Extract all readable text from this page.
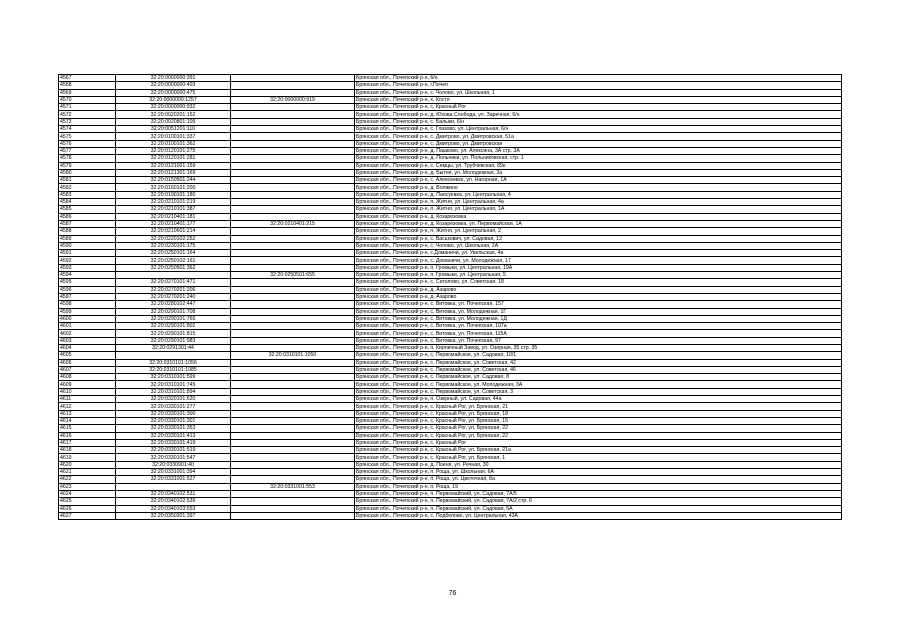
4567	32:20:0000000:391		Брянская обл., Почепский р-н, 6/н
4568	32:20:0000000:403		Брянская обл., Почепский р-н, г.Почеп
4569	32:20:0000000:475		Брянская обл., Почепский р-н, с. Чолово, ул. Школьная, 1
4570	32:20:0000000:1257	32:20:0000000:919	Брянская обл., Почепский р-н, х. Костя
4571	32:20:0000000:932		Брянская обл., Почепский р-н, с. Красный Рог
4572	32:20:0020201:152		Брянская обл., Почепский р-н, д. Юхова Слобода, ул. Заречная, 6/н
4573	32:20:0020801:105		Брянская обл., Почепский р-н, с. Балыки, 6/н
4574	32:20:0051201:110		Брянская обл., Почепский р-н, с. Глазово, ул. Центральная, 6/н
4575	32:20:0100101:337		Брянская обл., Почепский р-н, с. Дмитрово, ул. Дмитровская, 51а
4576	32:20:0100101:362		Брянская обл., Почепский р-н, с. Дмитрово, ул. Дмитровская
4577	32:20:0120101:275		Брянская обл., Почепский р-н, д. Пашково, ул. Алексина, 3А стр. 3А
4578	32:20:0120101:281		Брянская обл., Почепский р-н, д. Польники, ул. Польниковская, стр. 1
4579	32:20:0121001:159		Брянская обл., Почепский р-н, с. Семцы, ул. Трубчевская, 89е
4580	32:20:0121301:169		Брянская обл., Почепский р-н, д. Бытня, ул. Молодежная, 3а
4581	32:20:0150501:244		Брянская обл., Почепский р-н, с. Алексеевск, ул. Нагорная, 1А
4582	32:20:0160101:200		Брянская обл., Почепский р-н, д. Волжино
4583	32:20:0190101:180		Брянская обл., Почепский р-н, д. Папсуевка, ул. Центральная, 4
4584	32:20:0210101:219		Брянская обл., Почепский р-н, п. Житня, ул. Центральная, 4а
4585	32:20:0210101:387		Брянская обл., Почепский р-н, п. Житня, ул. Центральная, 1А
4586	32:20:0210401:181		Брянская обл., Почепский р-н, д. Козарезовка
4587	32:20:0210401:177	32:20:0210401:215	Брянская обл., Почепский р-н, д. Козарезовка, ул. Первомайская, 1А
4588	32:20:0210601:214		Брянская обл., Почепский р-н, п. Житня, ул. Центральная, 2
4589	32:20:0220102:252		Брянская обл., Почепский р-н, с. Васькович, ул. Садовая, 12
4590	32:20:0230101:175		Брянская обл., Почепский р-н, с. Чолово, ул. Школьная, 2А
4591	32:20:0250101:164		Брянская обл., Почепский р-н, с.Доманичи, ул. Увельская, 4а
4592	32:20:0250102:161		Брянская обл., Почепский р-н, с. Доманичи, ул. Молодежная, 17
4593	32:20:0250501:362		Брянская обл., Почепский р-н, п. Громыки, ул. Центральная, 19А
4594		32:20:0250501:655	Брянская обл., Почепский р-н, п. Громыки, ул. Центральная, 5
4595	32:20:0270101:471		Брянская обл., Почепский р-н, с. Сетолово, ул. Советская, 18
4596	32:20:0270201:206		Брянская обл., Почепский р-н, д. Азарово
4597	32:20:0270201:240		Брянская обл., Почепский р-н, д. Азарово
4598	32:20:0280102:447		Брянская обл., Почепский р-н, с. Витовка, ул. Почепская, 157
4599	32:20:0290101:708		Брянская обл., Почепский р-н, с. Витовка, ул. Молодежная, 1Г
4600	32:20:0290101:765		Брянская обл., Почепский р-н, с. Витовка, ул. Молодежная, 1Д
4601	32:20:0290101:802		Брянская обл., Почепский р-н, с. Витовка, ул. Почепская, 107а
4602	32:20:0290101:815		Брянская обл., Почепский р-н, с. Витовка, ул. Почепская, 115А
4603	32:20:0290101:983		Брянская обл., Почепский р-н, с. Витовка, ул. Почепская, 97
4604	32:20:0291301:44		Брянская обл., Почепский р-н, п. Кирпичный Завод, ул. Озерная, 35 стр. 35
4605		32:20:0310101:1050	Брянская обл., Почепский р-н, с. Первомайское, ул. Садовая, 10/1
4606	32:20:0310101:1056		Брянская обл., Почепский р-н, с. Первомайское, ул. Советская, 42
4607	32:20:0310101:1085		Брянская обл., Почепский р-н, с. Первомайское, ул. Советская, 46
4608	32:20:0310101:599		Брянская обл., Почепский р-н, с. Первомайское, ул. Садовая, 8
4609	32:20:0310101:745		Брянская обл., Почепский р-н, с. Первомайское, ул. Молодежная, 3А
4610	32:20:0310101:894		Брянская обл., Почепский р-н, с. Первомайское, ул. Советская, 3
4611	32:20:0320101:620		Брянская обл., Почепский р-н, п. Озерный, ул. Садовая, 44а
4612	32:20:0330101:277		Брянская обл., Почепский р-н, с. Красный Рог, ул. Брянская, 21
4613	32:20:0330101:300		Брянская обл., Почепский р-н, с. Красный Рог, ул. Брянская, 18
4614	32:20:0330101:301		Брянская обл., Почепский р-н, с. Красный Рог, ул. Брянская, 15
4615	32:20:0330101:353		Брянская обл., Почепский р-н, с. Красный Рог, ул. Брянская, 22
4616	32:20:0330101:413		Брянская обл., Почепский р-н, с. Красный Рог, ул. Брянская, 22
4617	32:20:0330101:419		Брянская обл., Почепский р-н, с. Красный Рог
4618	32:20:0330101:519		Брянская обл., Почепский р-н, с. Красный Рог, ул. Брянская, 21а
4619	32:20:0330101:547		Брянская обл., Почепский р-н, с. Красный Рог, ул. Брянская, 1
4620	32:20:0330901:40		Брянская обл., Почепский р-н, д. Поеня, ул. Речная, 30
4621	32:20:0331001:394		Брянская обл., Почепский р-н, п. Роща, ул. Школьная, 6А
4622	32:20:0331001:527		Брянская обл., Почепский р-н, п. Роща, ул. Цветочная, 8а
4623		32:20:0331001:553	Брянская обл., Почепский р-н, п. Роща, 19
4624	32:20:0340102:531		Брянская обл., Почепский р-н, п. Первомайский, ул. Садовая, 7А/5
4625	32:20:0340102:539		Брянская обл., Почепский р-н, п. Первомайский, ул. Садовая, 7А/2 стр. 6
4626	32:20:0340103:553		Брянская обл., Почепский р-н, п. Первомайский, ул. Садовая, 5А
4627	32:20:0350301:397		Брянская обл., Почепский р-н, с. Подбелово, ул. Центральная, 43А
76
